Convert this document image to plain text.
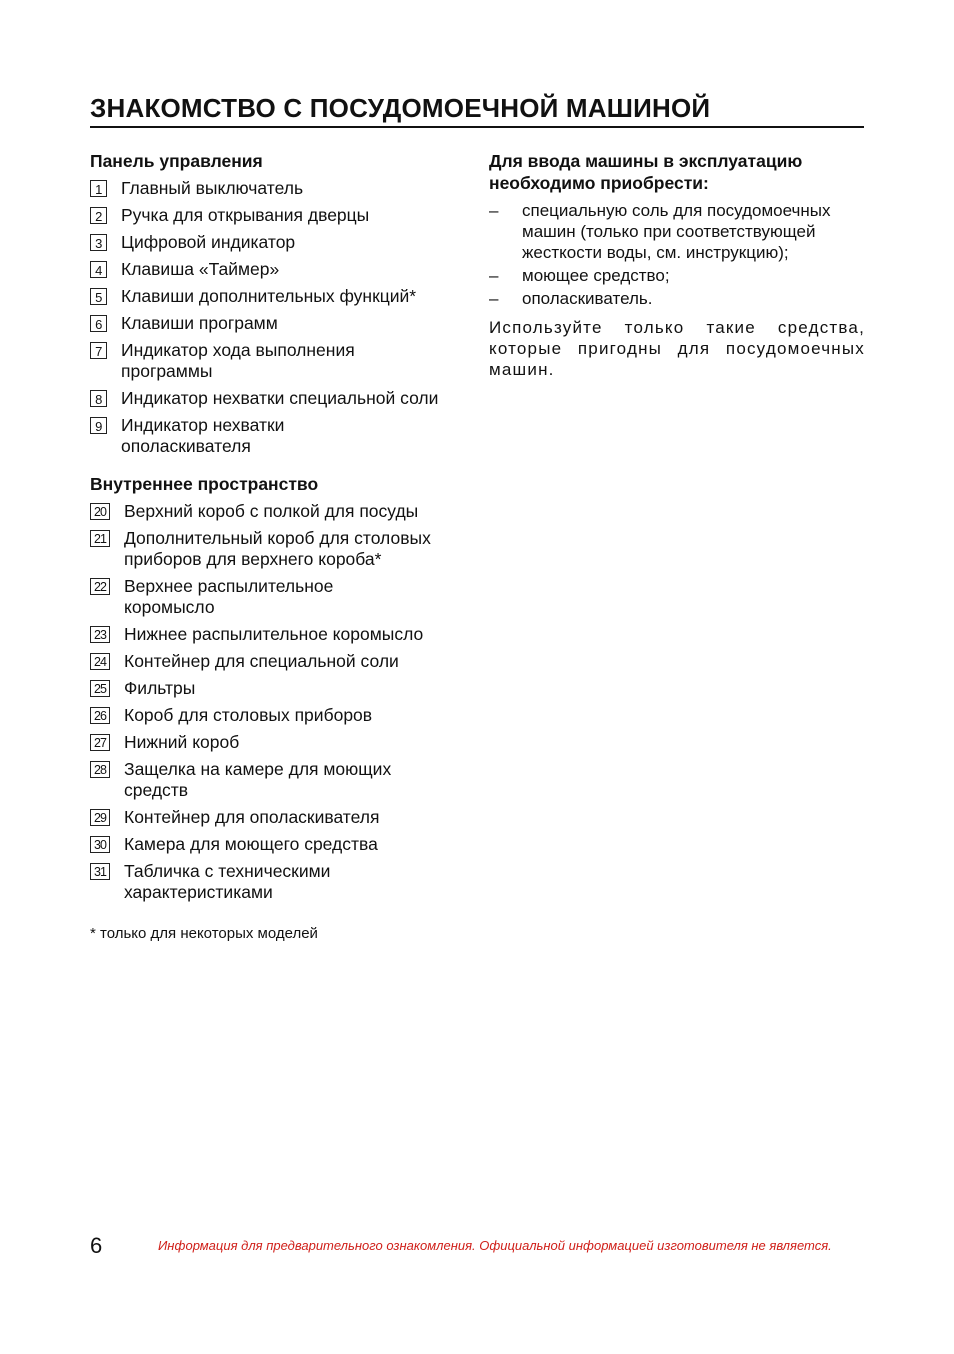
ЗНАКОМСТВО С ПОСУДОМОЕЧНОЙ МАШИНОЙ
Панель управления
1 Главный выключатель
2 Ручка для открывания дверцы
3 Цифровой индикатор
4 Клавиша «Таймер»
5 Клавиши дополнительных функций*
6 Клавиши программ
7 Индикатор хода выполнения программы
8 Индикатор нехватки специальной соли
9 Индикатор нехватки ополаскивателя
Внутреннее пространство
20 Верхний короб с полкой для посуды
21 Дополнительный короб для столовых приборов для верхнего короба*
22 Верхнее распылительное коромысло
23 Нижнее распылительное коромысло
24 Контейнер для специальной соли
25 Фильтры
26 Короб для столовых приборов
27 Нижний короб
28 Защелка на камере для моющих средств
29 Контейнер для ополаскивателя
30 Камера для моющего средства
31 Табличка с техническими характеристиками
* только для некоторых моделей
Для ввода машины в эксплуатацию необходимо приобрести:
–	специальную соль для посудомоечных машин (только при соответствующей жесткости воды, см. инструкцию);
–	моющее средство;
–	ополаскиватель.
Используйте только такие средства, которые пригодны для посудомоечных машин.
6	Информация для предварительного ознакомления. Официальной информацией изготовителя не является.
